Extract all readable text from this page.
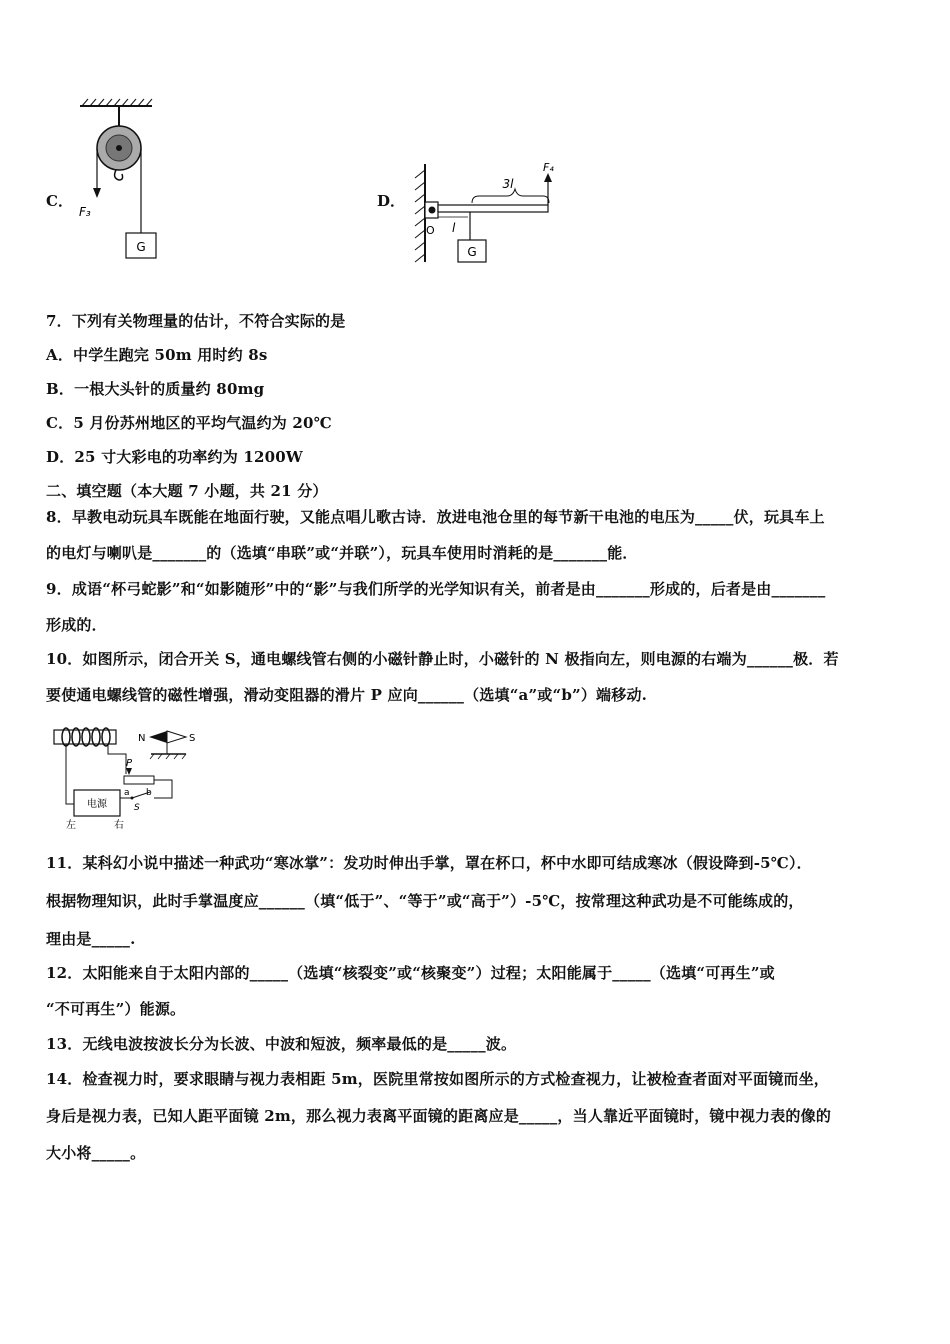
C．
G
F₃
D．
3l
F₄
O l
G
7．下列有关物理量的估计，不符合实际的是
A．中学生跑完 50m 用时约 8s
B．一根大头针的质量约 80mg
C．5 月份苏州地区的平均气温约为 20℃
D．25 寸大彩电的功率约为 1200W
二、填空题（本大题 7 小题，共 21 分）
8．早教电动玩具车既能在地面行驶，又能点唱儿歌古诗．放进电池仓里的每节新干电池的电压为_____伏，玩具车上
的电灯与喇叭是_______的（选填“串联”或“并联”），玩具车使用时消耗的是_______能．
9．成语“杯弓蛇影”和“如影随形”中的“影”与我们所学的光学知识有关，前者是由_______形成的，后者是由_______
形成的．
10．如图所示，闭合开关 S，通电螺线管右侧的小磁针静止时，小磁针的 N 极指向左，则电源的右端为______极．若
要使通电螺线管的磁性增强，滑动变阻器的滑片 P 应向______（选填“a”或“b”）端移动.
N	S
P
a b
S
电源
左	右
11．某科幻小说中描述一种武功“寒冰掌”：发功时伸出手掌，罩在杯口，杯中水即可结成寒冰（假设降到-5℃）．
根据物理知识，此时手掌温度应______（填“低于”、“等于”或“高于”）-5℃，按常理这种武功是不可能练成的，
理由是_____.
12．太阳能来自于太阳内部的_____（选填“核裂变”或“核聚变”）过程；太阳能属于_____（选填“可再生”或
“不可再生”）能源。
13．无线电波按波长分为长波、中波和短波，频率最低的是_____波。
14．检查视力时，要求眼睛与视力表相距 5m，医院里常按如图所示的方式检查视力，让被检查者面对平面镜而坐，
身后是视力表，已知人距平面镜 2m，那么视力表离平面镜的距离应是_____，当人靠近平面镜时，镜中视力表的像的
大小将_____。
